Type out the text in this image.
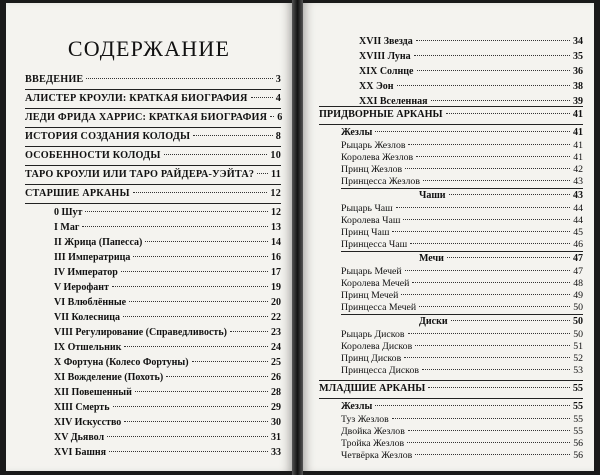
СОДЕРЖАНИЕ
ВВЕДЕНИЕ	3
АЛИСТЕР КРОУЛИ: КРАТКАЯ БИОГРАФИЯ	4
ЛЕДИ ФРИДА ХАРРИС: КРАТКАЯ БИОГРАФИЯ 6
ИСТОРИЯ СОЗДАНИЯ КОЛОДЫ	8
ОСОБЕННОСТИ КОЛОДЫ	10
ТАРО КРОУЛИ ИЛИ ТАРО РАЙДЕРА-УЭЙТА? 11
СТАРШИЕ АРКАНЫ	12
0 Шут	12
I Маг	13
II Жрица (Папесса)	14
III Императрица	16
IV Император	17
V Иерофант	19
VI Влюблённые	20
VII Колесница	22
VIII Регулирование (Справедливость)	23
IX Отшельник	24
X Фортуна (Колесо Фортуны)	25
XI Вожделение (Похоть)	26
XII Повешенный	28
XIII Смерть	29
XIV Искусство	30
XV Дьявол	31
XVI Башня	33
XVII Звезда	34
XVIII Луна	35
XIX Солнце	36
XX Эон	38
XXI Вселенная	39
ПРИДВОРНЫЕ АРКАНЫ	41
Жезлы	41
Рыцарь Жезлов	41
Королева Жезлов	41
Принц Жезлов	42
Принцесса Жезлов	43
Чаши	43
Рыцарь Чаш	44
Королева Чаш	44
Принц Чаш	45
Принцесса Чаш	46
Мечи	47
Рыцарь Мечей	47
Королева Мечей	48
Принц Мечей	49
Принцесса Мечей	50
Диски	50
Рыцарь Дисков	50
Королева Дисков	51
Принц Дисков	52
Принцесса Дисков	53
МЛАДШИЕ АРКАНЫ	55
Жезлы	55
Туз Жезлов	55
Двойка Жезлов	55
Тройка Жезлов	56
Четвёрка Жезлов	56
